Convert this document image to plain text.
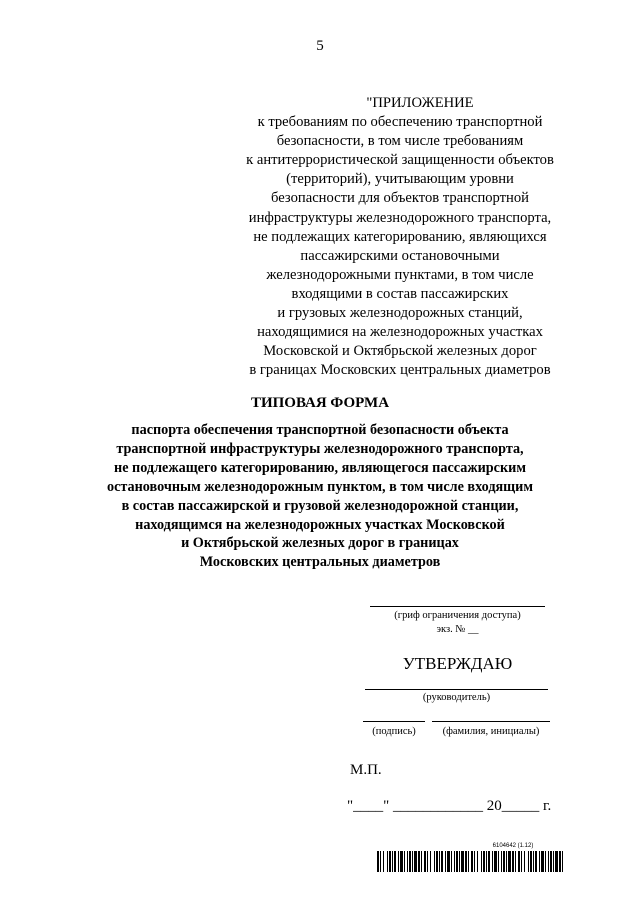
5
"ПРИЛОЖЕНИЕ
к требованиям по обеспечению транспортной
безопасности, в том числе требованиям
к антитеррористической защищенности объектов
(территорий), учитывающим уровни
безопасности для объектов транспортной
инфраструктуры железнодорожного транспорта,
не подлежащих категорированию, являющихся
пассажирскими остановочными
железнодорожными пунктами, в том числе
входящими в состав пассажирских
и грузовых железнодорожных станций,
находящимися на железнодорожных участках
Московской и Октябрьской железных дорог
в границах Московских центральных диаметров
ТИПОВАЯ ФОРМА
паспорта обеспечения транспортной безопасности объекта
транспортной инфраструктуры железнодорожного транспорта,
не подлежащего категорированию, являющегося пассажирским
остановочным железнодорожным пунктом, в том числе входящим
в состав пассажирской и грузовой железнодорожной станции,
находящимся на железнодорожных участках Московской
и Октябрьской железных дорог в границах
Московских центральных диаметров
(гриф ограничения доступа)
экз. № __
УТВЕРЖДАЮ
(руководитель)
(подпись)	(фамилия, инициалы)
М.П.
"____" ____________ 20_____ г.
6104642 (1.12)
